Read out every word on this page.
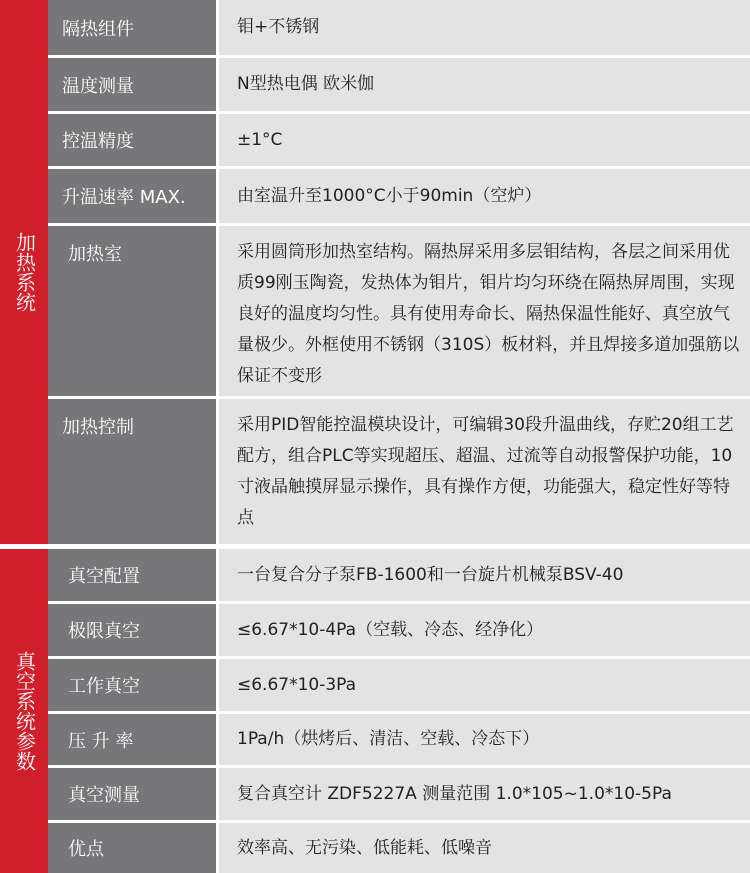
加热系统
隔热组件	钼+不锈钢
温度测量	N型热电偶 欧米伽
控温精度	±1°C
升温速率 MAX.	由室温升至1000°C小于90min（空炉）
加热室	采用圆筒形加热室结构。隔热屏采用多层钼结构，各层之间采用优质99刚玉陶瓷，发热体为钼片，钼片均匀环绕在隔热屏周围，实现良好的温度均匀性。具有使用寿命长、隔热保温性能好、真空放气量极少。外框使用不锈钢（310S）板材料，并且焊接多道加强筋以保证不变形
加热控制	采用PID智能控温模块设计，可编辑30段升温曲线，存贮20组工艺配方，组合PLC等实现超压、超温、过流等自动报警保护功能，10寸液晶触摸屏显示操作，具有操作方便，功能强大，稳定性好等特点
真空系统参数
真空配置	一台复合分子泵FB-1600和一台旋片机械泵BSV-40
极限真空	≤6.67*10-4Pa（空载、冷态、经净化）
工作真空	≤6.67*10-3Pa
压 升 率	1Pa/h（烘烤后、清洁、空载、冷态下）
真空测量	复合真空计 ZDF5227A 测量范围 1.0*105~1.0*10-5Pa
优点	效率高、无污染、低能耗、低噪音
